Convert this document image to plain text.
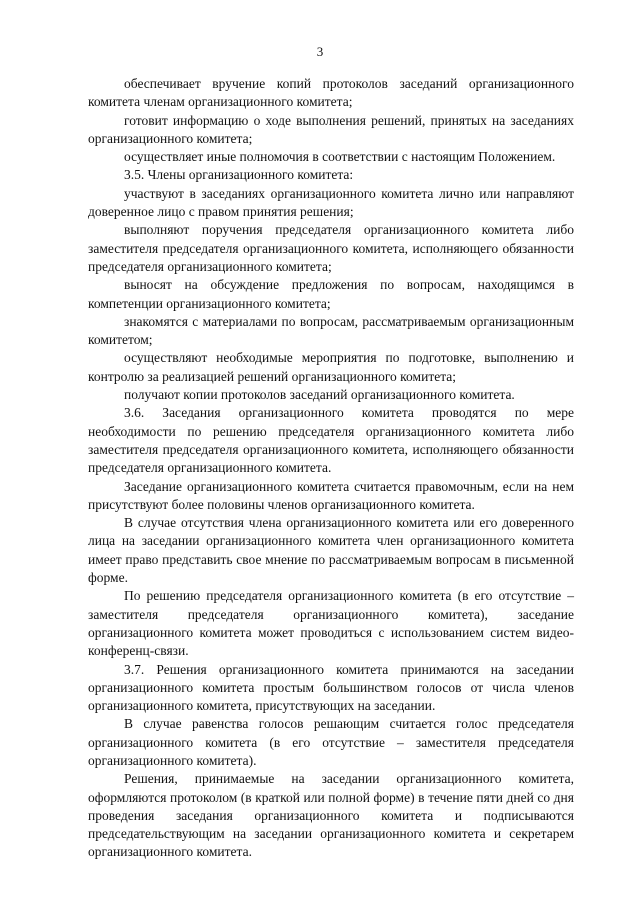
3

обеспечивает вручение копий протоколов заседаний организационного комитета членам организационного комитета;

готовит информацию о ходе выполнения решений, принятых на заседаниях организационного комитета;

осуществляет иные полномочия в соответствии с настоящим Положением.

3.5. Члены организационного комитета:

участвуют в заседаниях организационного комитета лично или направляют доверенное лицо с правом принятия решения;

выполняют поручения председателя организационного комитета либо заместителя председателя организационного комитета, исполняющего обязанности председателя организационного комитета;

выносят на обсуждение предложения по вопросам, находящимся в компетенции организационного комитета;

знакомятся с материалами по вопросам, рассматриваемым организационным комитетом;

осуществляют необходимые мероприятия по подготовке, выполнению и контролю за реализацией решений организационного комитета;

получают копии протоколов заседаний организационного комитета.

3.6. Заседания организационного комитета проводятся по мере необходимости по решению председателя организационного комитета либо заместителя председателя организационного комитета, исполняющего обязанности председателя организационного комитета.

Заседание организационного комитета считается правомочным, если на нем присутствуют более половины членов организационного комитета.

В случае отсутствия члена организационного комитета или его доверенного лица на заседании организационного комитета член организационного комитета имеет право представить свое мнение по рассматриваемым вопросам в письменной форме.

По решению председателя организационного комитета (в его отсутствие – заместителя председателя организационного комитета), заседание организационного комитета может проводиться с использованием систем видео-конференц-связи.

3.7. Решения организационного комитета принимаются на заседании организационного комитета простым большинством голосов от числа членов организационного комитета, присутствующих на заседании.

В случае равенства голосов решающим считается голос председателя организационного комитета (в его отсутствие – заместителя председателя организационного комитета).

Решения, принимаемые на заседании организационного комитета, оформляются протоколом (в краткой или полной форме) в течение пяти дней со дня проведения заседания организационного комитета и подписываются председательствующим на заседании организационного комитета и секретарем организационного комитета.
